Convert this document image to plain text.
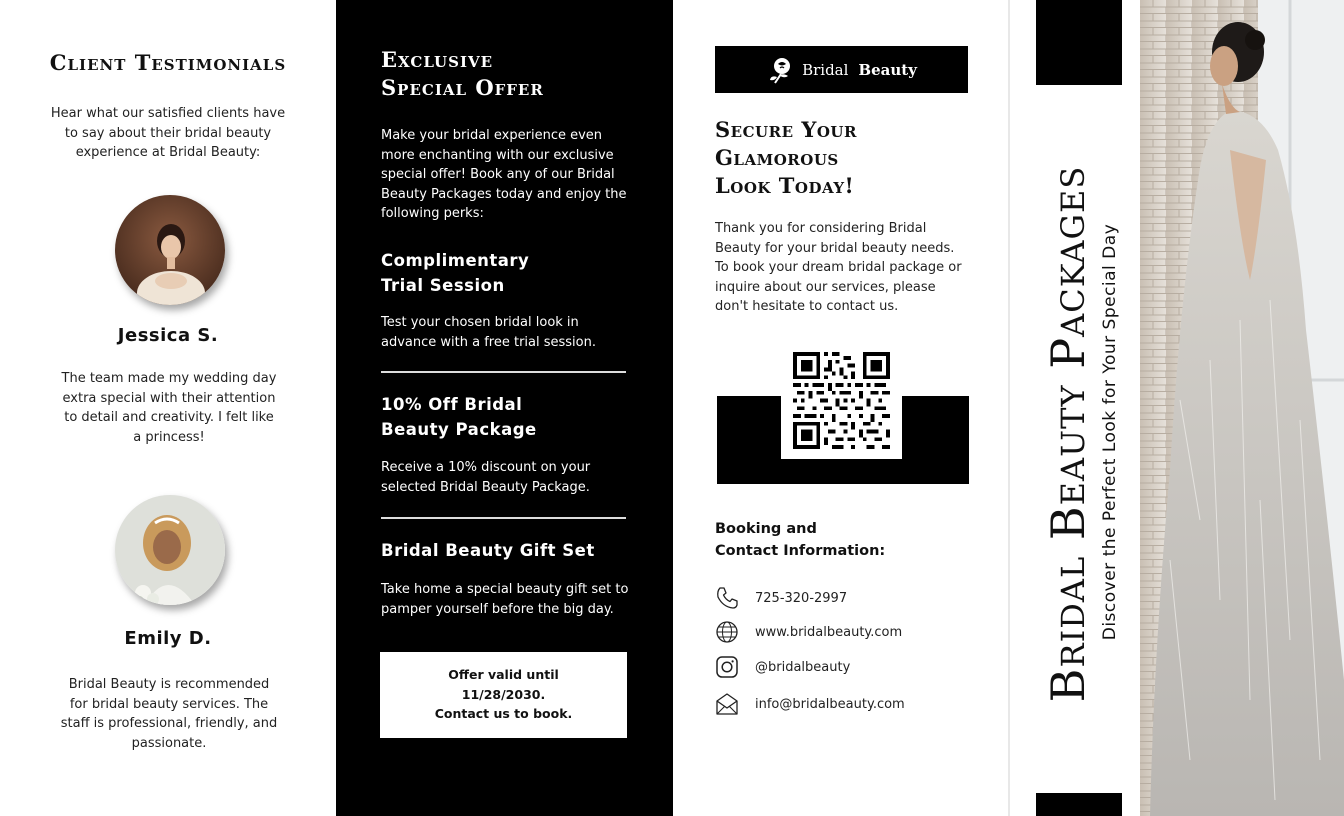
Client Testimonials

Hear what our satisfied clients have to say about their bridal beauty experience at Bridal Beauty:

Jessica S.

The team made my wedding day extra special with their attention to detail and creativity. I felt like a princess!

Emily D.

Bridal Beauty is recommended for bridal beauty services. The staff is professional, friendly, and passionate.

Exclusive
Special Offer

Make your bridal experience even more enchanting with our exclusive special offer! Book any of our Bridal Beauty Packages today and enjoy the following perks:

Complimentary
Trial Session

Test your chosen bridal look in advance with a free trial session.

10% Off Bridal
Beauty Package

Receive a 10% discount on your selected Bridal Beauty Package.

Bridal Beauty Gift Set

Take home a special beauty gift set to pamper yourself before the big day.

Offer valid until
11/28/2030.
Contact us to book.
Bridal Beauty
Secure Your
Glamorous
Look Today!

Thank you for considering Bridal Beauty for your bridal beauty needs. To book your dream bridal package or inquire about our services, please don't hesitate to contact us.

Booking and
Contact Information:
725-320-2997
www.bridalbeauty.com
@bridalbeauty
info@bridalbeauty.com
Bridal Beauty Packages Discover the Perfect Look for Your Special Day
